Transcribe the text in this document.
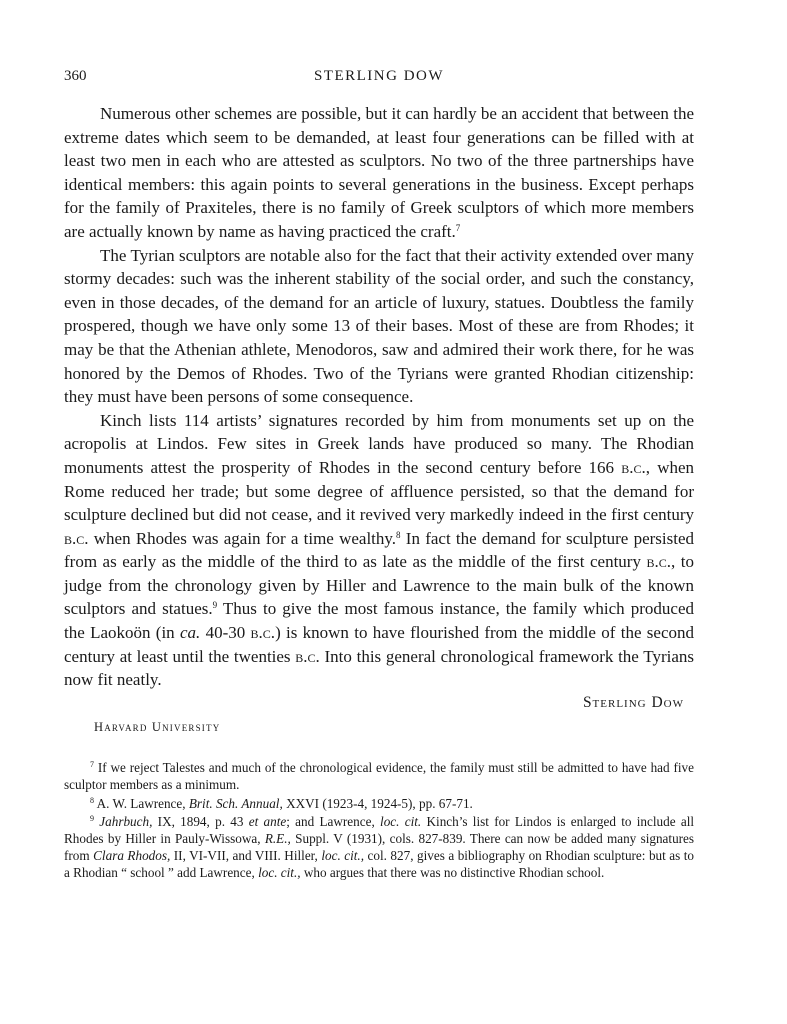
360	STERLING DOW

Numerous other schemes are possible, but it can hardly be an accident that between the extreme dates which seem to be demanded, at least four generations can be filled with at least two men in each who are attested as sculptors. No two of the three partnerships have identical members: this again points to several generations in the business. Except perhaps for the family of Praxiteles, there is no family of Greek sculptors of which more members are actually known by name as having practiced the craft.$^7$

The Tyrian sculptors are notable also for the fact that their activity extended over many stormy decades: such was the inherent stability of the social order, and such the constancy, even in those decades, of the demand for an article of luxury, statues. Doubtless the family prospered, though we have only some 13 of their bases. Most of these are from Rhodes; it may be that the Athenian athlete, Menodoros, saw and admired their work there, for he was honored by the Demos of Rhodes. Two of the Tyrians were granted Rhodian citizenship: they must have been persons of some consequence.

Kinch lists 114 artists’ signatures recorded by him from monuments set up on the acropolis at Lindos. Few sites in Greek lands have produced so many. The Rhodian monuments attest the prosperity of Rhodes in the second century before 166 b.c., when Rome reduced her trade; but some degree of affluence persisted, so that the demand for sculpture declined but did not cease, and it revived very markedly indeed in the first century b.c. when Rhodes was again for a time wealthy.$^8$ In fact the demand for sculpture persisted from as early as the middle of the third to as late as the middle of the first century b.c., to judge from the chronology given by Hiller and Lawrence to the main bulk of the known sculptors and statues.$^9$ Thus to give the most famous instance, the family which produced the Laokoön (in ca. 40-30 b.c.) is known to have flourished from the middle of the second century at least until the twenties b.c. Into this general chronological framework the Tyrians now fit neatly.

Sterling Dow
Harvard University

$^7$ If we reject Talestes and much of the chronological evidence, the family must still be admitted to have had five sculptor members as a minimum.

$^8$ A. W. Lawrence, Brit. Sch. Annual, XXVI (1923-4, 1924-5), pp. 67-71.

$^9$ Jahrbuch, IX, 1894, p. 43 et ante; and Lawrence, loc. cit. Kinch’s list for Lindos is enlarged to include all Rhodes by Hiller in Pauly-Wissowa, R.E., Suppl. V (1931), cols. 827-839. There can now be added many signatures from Clara Rhodos, II, VI-VII, and VIII. Hiller, loc. cit., col. 827, gives a bibliography on Rhodian sculpture: but as to a Rhodian “ school ” add Lawrence, loc. cit., who argues that there was no distinctive Rhodian school.
